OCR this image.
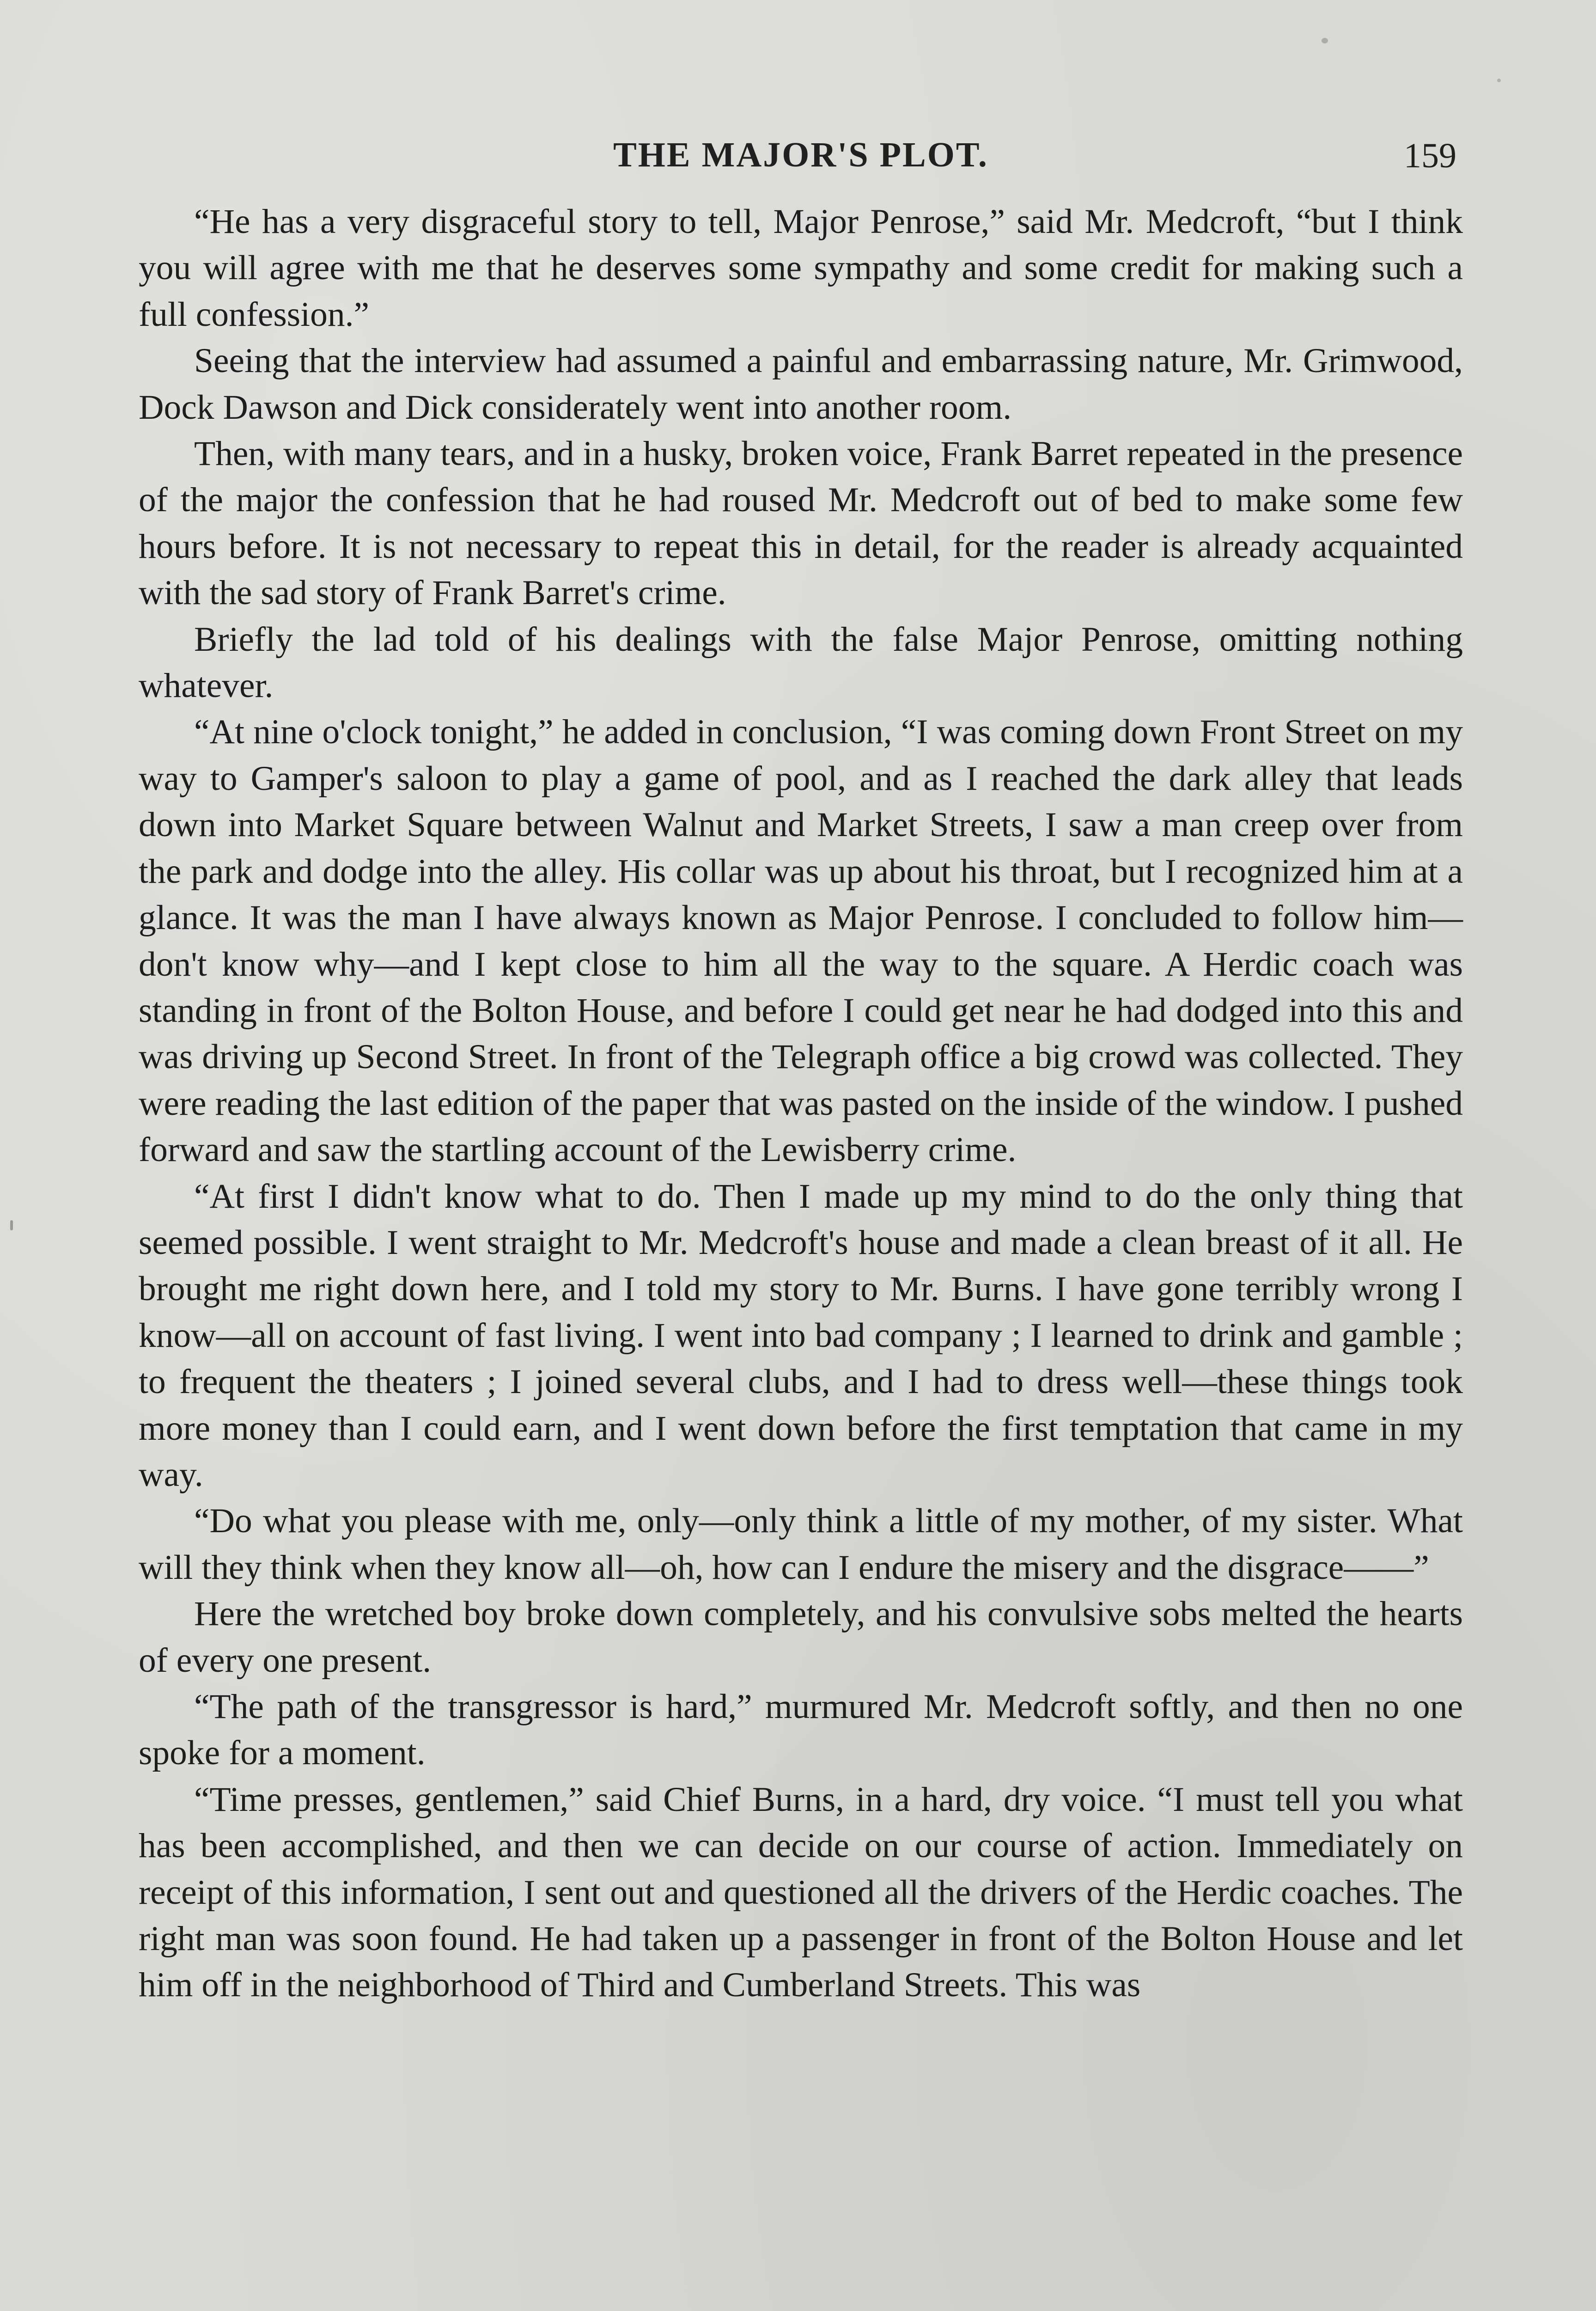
THE MAJOR'S PLOT.	159

“He has a very disgraceful story to tell, Major Penrose,” said Mr. Medcroft, “but I think you will agree with me that he deserves some sympathy and some credit for making such a full confession.”

Seeing that the interview had assumed a painful and embarrassing nature, Mr. Grimwood, Dock Dawson and Dick considerately went into another room.

Then, with many tears, and in a husky, broken voice, Frank Barret repeated in the presence of the major the confession that he had roused Mr. Medcroft out of bed to make some few hours before. It is not necessary to repeat this in detail, for the reader is already acquainted with the sad story of Frank Barret's crime.

Briefly the lad told of his dealings with the false Major Penrose, omitting nothing whatever.

“At nine o'clock tonight,” he added in conclusion, “I was coming down Front Street on my way to Gamper's saloon to play a game of pool, and as I reached the dark alley that leads down into Market Square between Walnut and Market Streets, I saw a man creep over from the park and dodge into the alley. His collar was up about his throat, but I recognized him at a glance. It was the man I have always known as Major Penrose. I concluded to follow him—don't know why—and I kept close to him all the way to the square. A Herdic coach was standing in front of the Bolton House, and before I could get near he had dodged into this and was driving up Second Street. In front of the Telegraph office a big crowd was collected. They were reading the last edition of the paper that was pasted on the inside of the window. I pushed forward and saw the startling account of the Lewisberry crime.

“At first I didn't know what to do. Then I made up my mind to do the only thing that seemed possible. I went straight to Mr. Medcroft's house and made a clean breast of it all. He brought me right down here, and I told my story to Mr. Burns. I have gone terribly wrong I know—all on account of fast living. I went into bad company ; I learned to drink and gamble ; to frequent the theaters ; I joined several clubs, and I had to dress well—these things took more money than I could earn, and I went down before the first temptation that came in my way.

“Do what you please with me, only—only think a little of my mother, of my sister. What will they think when they know all—oh, how can I endure the misery and the disgrace——”

Here the wretched boy broke down completely, and his convulsive sobs melted the hearts of every one present.

“The path of the transgressor is hard,” murmured Mr. Medcroft softly, and then no one spoke for a moment.

“Time presses, gentlemen,” said Chief Burns, in a hard, dry voice. “I must tell you what has been accomplished, and then we can decide on our course of action. Immediately on receipt of this information, I sent out and questioned all the drivers of the Herdic coaches. The right man was soon found. He had taken up a passenger in front of the Bolton House and let him off in the neighborhood of Third and Cumberland Streets. This was
